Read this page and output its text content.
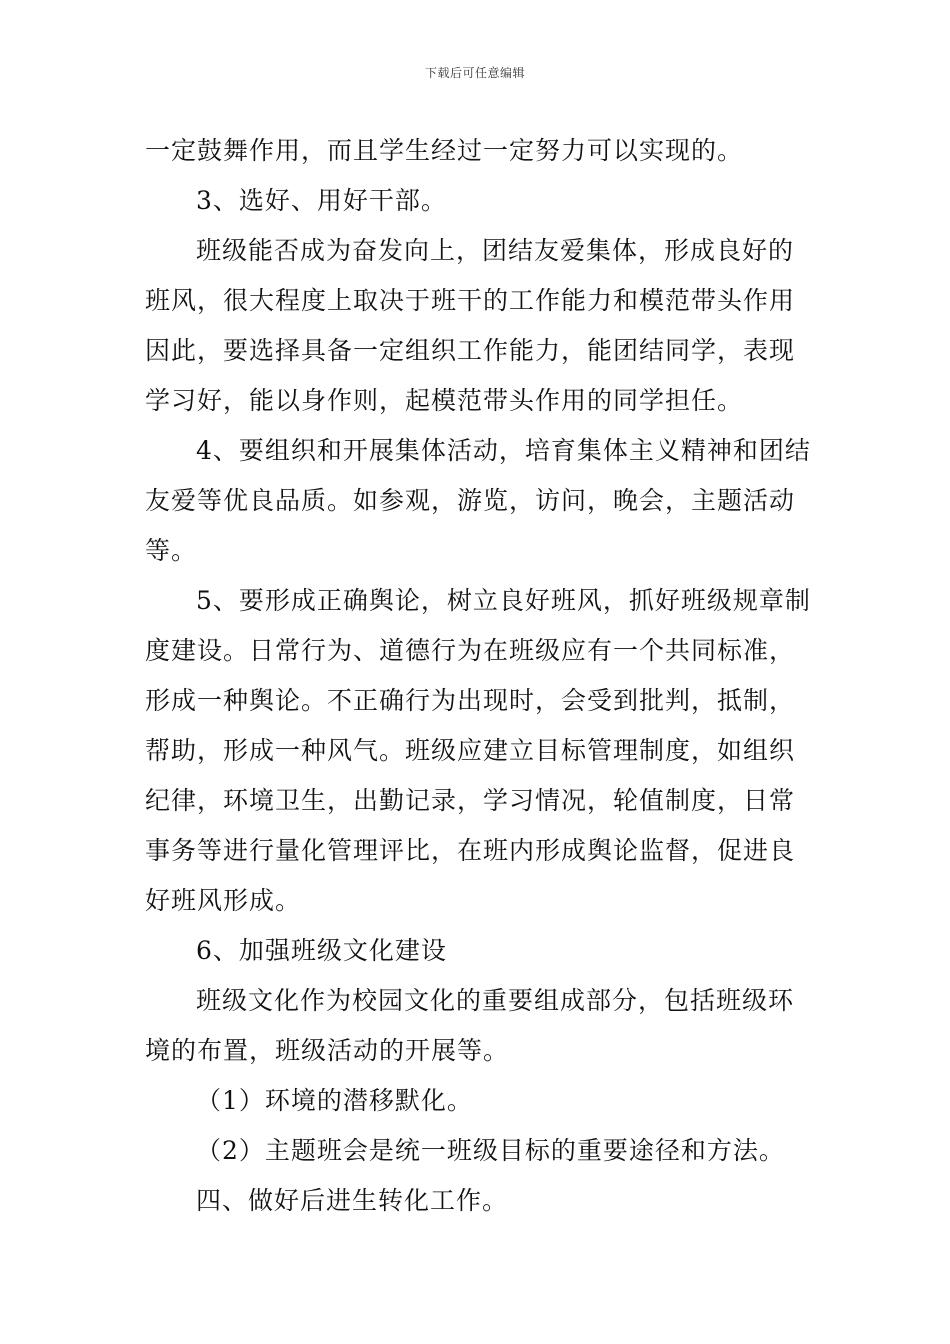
下载后可任意编辑
一定鼓舞作用，而且学生经过一定努力可以实现的。
3、选好、用好干部。
班级能否成为奋发向上，团结友爱集体，形成良好的
班风，很大程度上取决于班干的工作能力和模范带头作用
因此，要选择具备一定组织工作能力，能团结同学，表现
学习好，能以身作则，起模范带头作用的同学担任。
4、要组织和开展集体活动，培育集体主义精神和团结
友爱等优良品质。如参观，游览，访问，晚会，主题活动
等。
5、要形成正确舆论，树立良好班风，抓好班级规章制
度建设。日常行为、道德行为在班级应有一个共同标准，
形成一种舆论。不正确行为出现时，会受到批判，抵制，
帮助，形成一种风气。班级应建立目标管理制度，如组织
纪律，环境卫生，出勤记录，学习情况，轮值制度，日常
事务等进行量化管理评比，在班内形成舆论监督，促进良
好班风形成。
6、加强班级文化建设
班级文化作为校园文化的重要组成部分，包括班级环
境的布置，班级活动的开展等。
（1）环境的潜移默化。
（2）主题班会是统一班级目标的重要途径和方法。
四、做好后进生转化工作。
